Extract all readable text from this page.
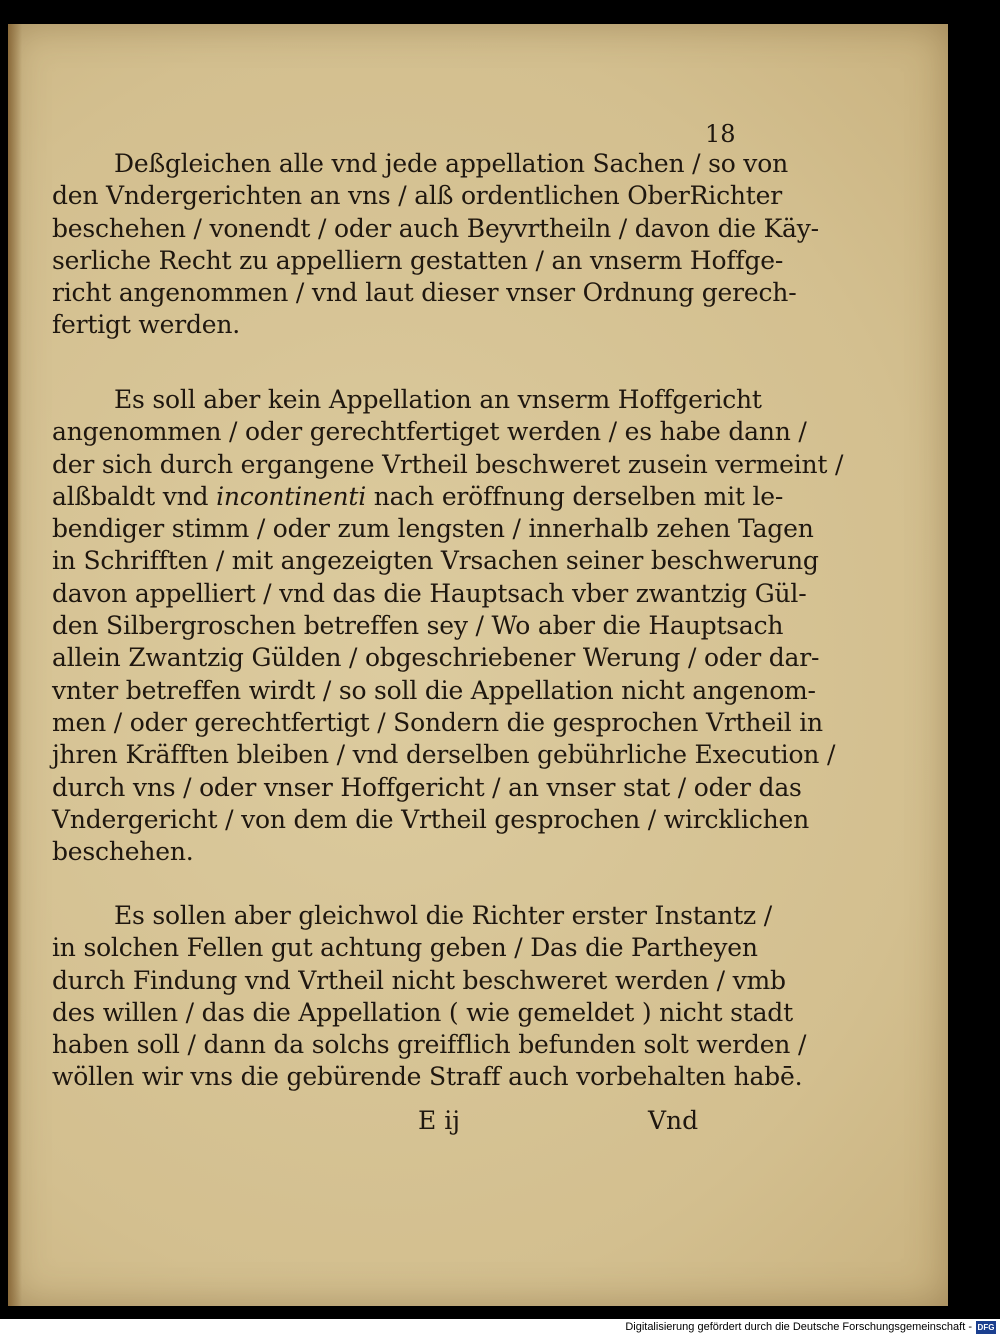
18

Deßgleichen alle vnd jede appellation Sachen / so von
den Vndergerichten an vns / alß ordentlichen OberRichter
beschehen / vonendt / oder auch Beyvrtheiln / davon die Käy-
serliche Recht zu appelliern gestatten / an vnserm Hoffge-
richt angenommen / vnd laut dieser vnser Ordnung gerech-
fertigt werden.

Es soll aber kein Appellation an vnserm Hoffgericht
angenommen / oder gerechtfertiget werden / es habe dann /
der sich durch ergangene Vrtheil beschweret zusein vermeint /
alßbaldt vnd incontinenti nach eröffnung derselben mit le-
bendiger stimm / oder zum lengsten / innerhalb zehen Tagen
in Schrifften / mit angezeigten Vrsachen seiner beschwerung
davon appelliert / vnd das die Hauptsach vber zwantzig Gül-
den Silbergroschen betreffen sey / Wo aber die Hauptsach
allein Zwantzig Gülden / obgeschriebener Werung / oder dar-
vnter betreffen wirdt / so soll die Appellation nicht angenom-
men / oder gerechtfertigt / Sondern die gesprochen Vrtheil in
jhren Kräfften bleiben / vnd derselben gebührliche Execution /
durch vns / oder vnser Hoffgericht / an vnser stat / oder das
Vndergericht / von dem die Vrtheil gesprochen / wircklichen
beschehen.

Es sollen aber gleichwol die Richter erster Instantz /
in solchen Fellen gut achtung geben / Das die Partheyen
durch Findung vnd Vrtheil nicht beschweret werden / vmb
des willen / das die Appellation ( wie gemeldet ) nicht stadt
haben soll / dann da solchs greifflich befunden solt werden /
wöllen wir vns die gebürende Straff auch vorbehalten habē.

E ij	Vnd
Digitalisierung gefördert durch die Deutsche Forschungsgemeinschaft - DFG
